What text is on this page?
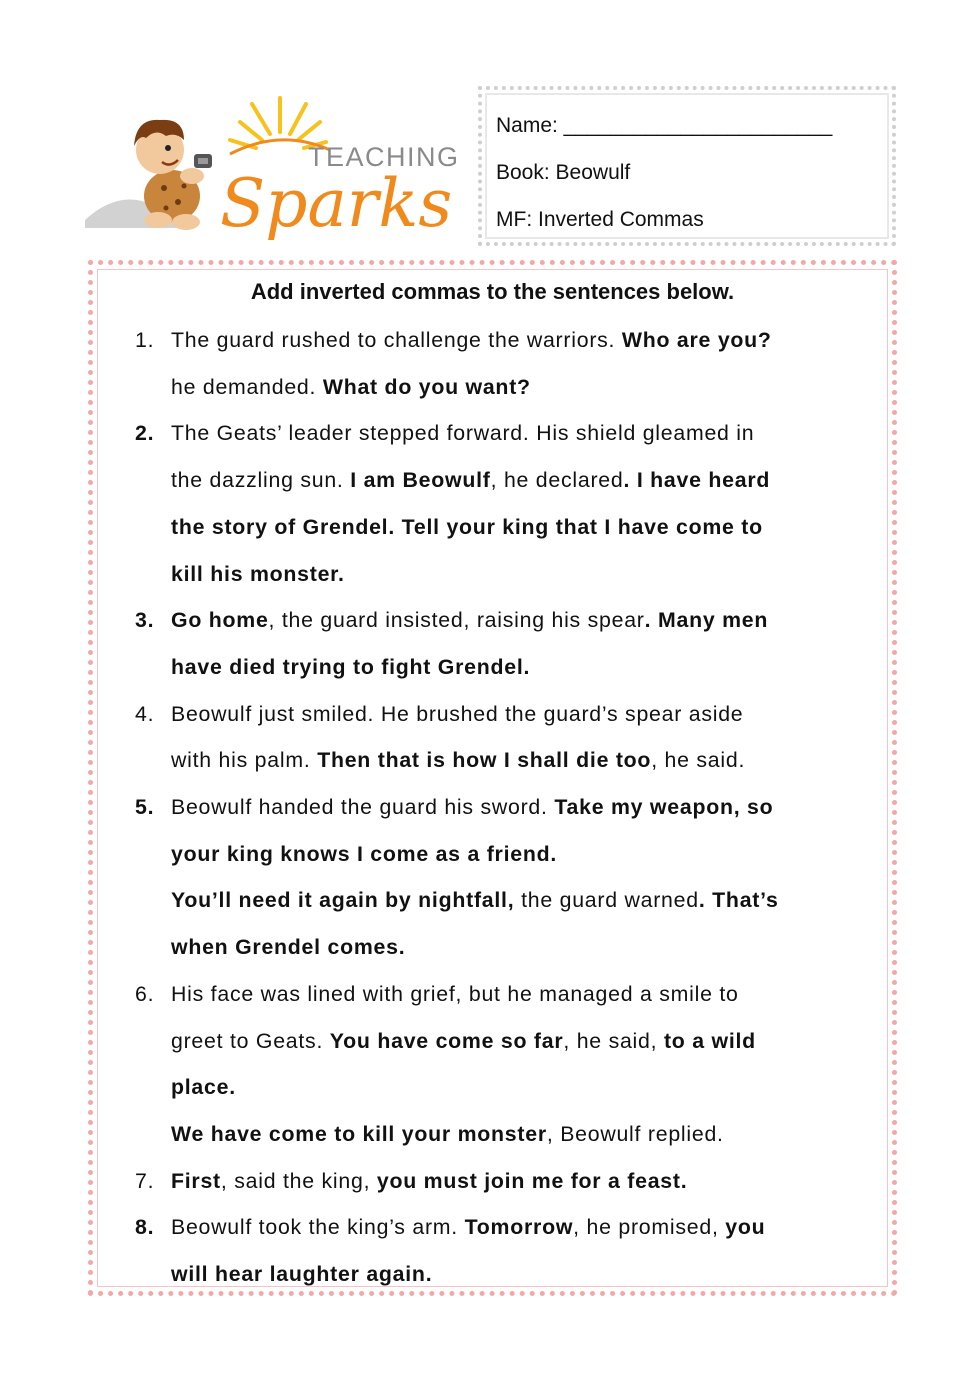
TEACHING
Sparks
Name: _______________________
Book: Beowulf
MF: Inverted Commas
Add inverted commas to the sentences below.
1. The guard rushed to challenge the warriors. Who are you?
he demanded. What do you want?
2. The Geats’ leader stepped forward. His shield gleamed in
the dazzling sun. I am Beowulf, he declared. I have heard
the story of Grendel. Tell your king that I have come to
kill his monster.
3. Go home, the guard insisted, raising his spear. Many men
have died trying to fight Grendel.
4. Beowulf just smiled. He brushed the guard’s spear aside
with his palm. Then that is how I shall die too, he said.
5. Beowulf handed the guard his sword. Take my weapon, so
your king knows I come as a friend.
You’ll need it again by nightfall, the guard warned. That’s
when Grendel comes.
6. His face was lined with grief, but he managed a smile to
greet to Geats. You have come so far, he said, to a wild
place.
We have come to kill your monster, Beowulf replied.
7. First, said the king, you must join me for a feast.
8. Beowulf took the king’s arm. Tomorrow, he promised, you
will hear laughter again.
